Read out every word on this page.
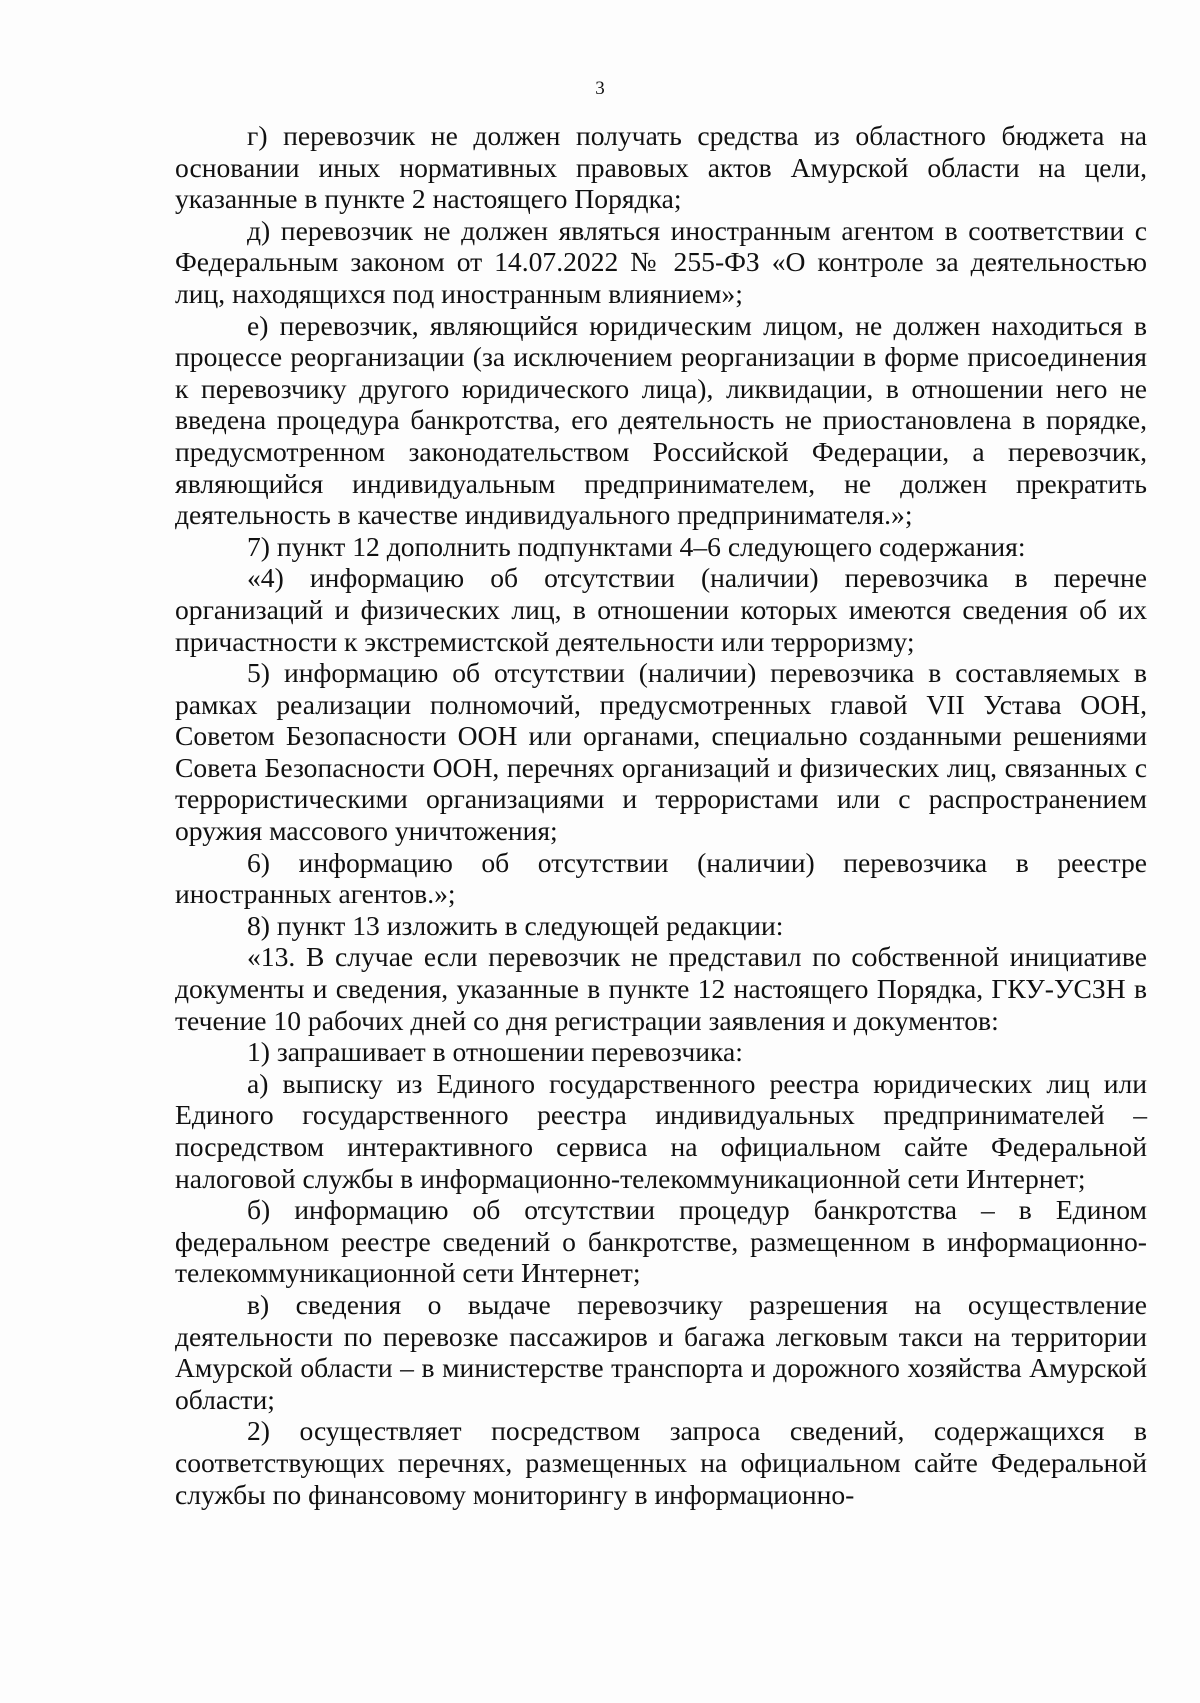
3

г) перевозчик не должен получать средства из областного бюджета на основании иных нормативных правовых актов Амурской области на цели, указанные в пункте 2 настоящего Порядка;

д) перевозчик не должен являться иностранным агентом в соответствии с Федеральным законом от 14.07.2022 № 255-ФЗ «О контроле за деятельностью лиц, находящихся под иностранным влиянием»;

е) перевозчик, являющийся юридическим лицом, не должен находиться в процессе реорганизации (за исключением реорганизации в форме присоединения к перевозчику другого юридического лица), ликвидации, в отношении него не введена процедура банкротства, его деятельность не приостановлена в порядке, предусмотренном законодательством Российской Федерации, а перевозчик, являющийся индивидуальным предпринимателем, не должен прекратить деятельность в качестве индивидуального предпринимателя.»;

7) пункт 12 дополнить подпунктами 4–6 следующего содержания:

«4) информацию об отсутствии (наличии) перевозчика в перечне организаций и физических лиц, в отношении которых имеются сведения об их причастности к экстремистской деятельности или терроризму;

5) информацию об отсутствии (наличии) перевозчика в составляемых в рамках реализации полномочий, предусмотренных главой VII Устава ООН, Советом Безопасности ООН или органами, специально созданными решениями Совета Безопасности ООН, перечнях организаций и физических лиц, связанных с террористическими организациями и террористами или с распространением оружия массового уничтожения;

6) информацию об отсутствии (наличии) перевозчика в реестре иностранных агентов.»;

8) пункт 13 изложить в следующей редакции:

«13. В случае если перевозчик не представил по собственной инициативе документы и сведения, указанные в пункте 12 настоящего Порядка, ГКУ-УСЗН в течение 10 рабочих дней со дня регистрации заявления и документов:

1) запрашивает в отношении перевозчика:

а) выписку из Единого государственного реестра юридических лиц или Единого государственного реестра индивидуальных предпринимателей – посредством интерактивного сервиса на официальном сайте Федеральной налоговой службы в информационно-телекоммуникационной сети Интернет;

б) информацию об отсутствии процедур банкротства – в Едином федеральном реестре сведений о банкротстве, размещенном в информационно-телекоммуникационной сети Интернет;

в) сведения о выдаче перевозчику разрешения на осуществление деятельности по перевозке пассажиров и багажа легковым такси на территории Амурской области – в министерстве транспорта и дорожного хозяйства Амурской области;

2) осуществляет посредством запроса сведений, содержащихся в соответствующих перечнях, размещенных на официальном сайте Федеральной службы по финансовому мониторингу в информационно-
